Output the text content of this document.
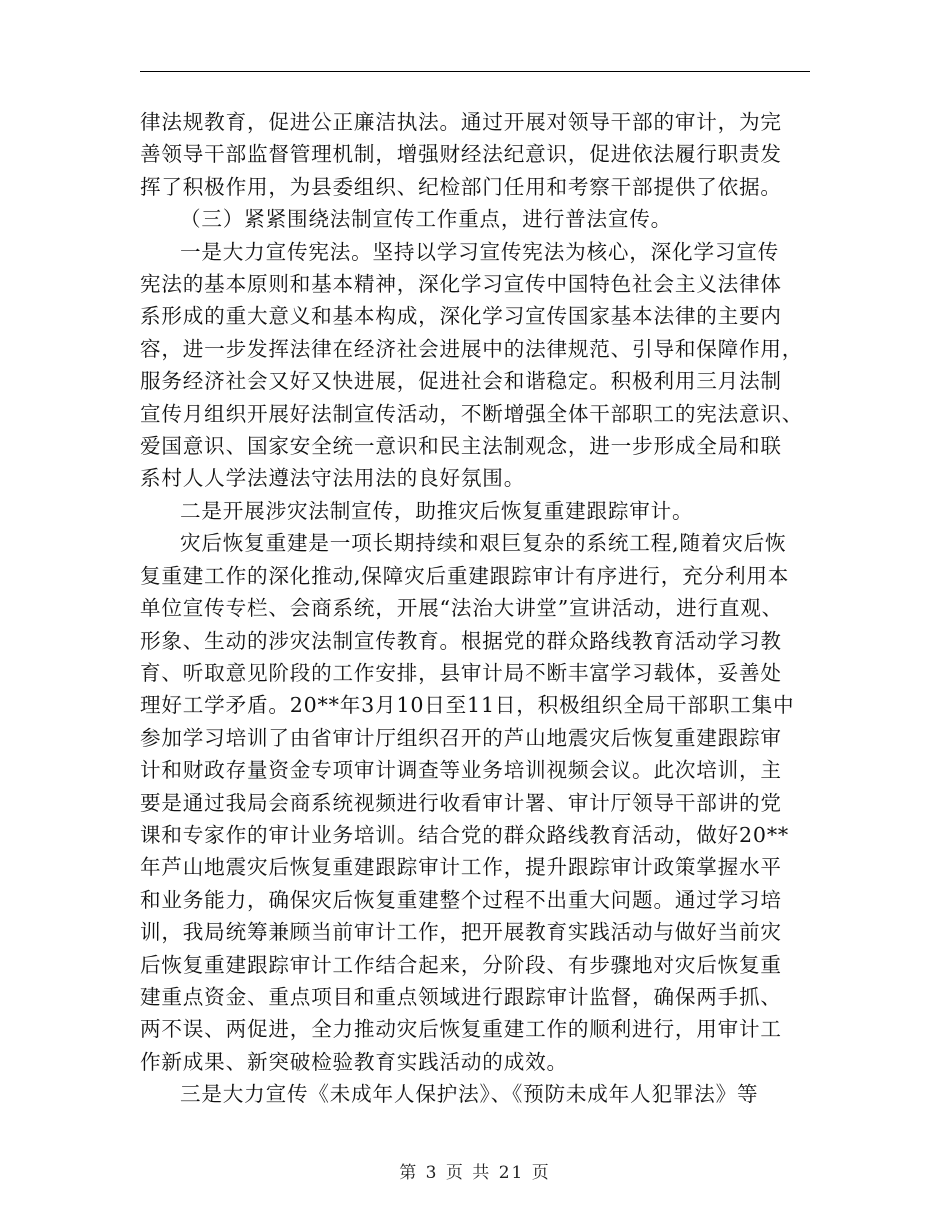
律法规教育，促进公正廉洁执法。通过开展对领导干部的审计，为完
善领导干部监督管理机制，增强财经法纪意识，促进依法履行职责发
挥了积极作用，为县委组织、纪检部门任用和考察干部提供了依据。
（三）紧紧围绕法制宣传工作重点，进行普法宣传。
一是大力宣传宪法。坚持以学习宣传宪法为核心，深化学习宣传
宪法的基本原则和基本精神，深化学习宣传中国特色社会主义法律体
系形成的重大意义和基本构成，深化学习宣传国家基本法律的主要内
容，进一步发挥法律在经济社会进展中的法律规范、引导和保障作用，
服务经济社会又好又快进展，促进社会和谐稳定。积极利用三月法制
宣传月组织开展好法制宣传活动，不断增强全体干部职工的宪法意识、
爱国意识、国家安全统一意识和民主法制观念，进一步形成全局和联
系村人人学法遵法守法用法的良好氛围。
二是开展涉灾法制宣传，助推灾后恢复重建跟踪审计。
灾后恢复重建是一项长期持续和艰巨复杂的系统工程,随着灾后恢
复重建工作的深化推动,保障灾后重建跟踪审计有序进行，充分利用本
单位宣传专栏、会商系统，开展“法治大讲堂”宣讲活动，进行直观、
形象、生动的涉灾法制宣传教育。根据党的群众路线教育活动学习教
育、听取意见阶段的工作安排，县审计局不断丰富学习载体，妥善处
理好工学矛盾。20**年3月10日至11日，积极组织全局干部职工集中
参加学习培训了由省审计厅组织召开的芦山地震灾后恢复重建跟踪审
计和财政存量资金专项审计调查等业务培训视频会议。此次培训，主
要是通过我局会商系统视频进行收看审计署、审计厅领导干部讲的党
课和专家作的审计业务培训。结合党的群众路线教育活动，做好20**
年芦山地震灾后恢复重建跟踪审计工作，提升跟踪审计政策掌握水平
和业务能力，确保灾后恢复重建整个过程不出重大问题。通过学习培
训，我局统筹兼顾当前审计工作，把开展教育实践活动与做好当前灾
后恢复重建跟踪审计工作结合起来，分阶段、有步骤地对灾后恢复重
建重点资金、重点项目和重点领域进行跟踪审计监督，确保两手抓、
两不误、两促进，全力推动灾后恢复重建工作的顺利进行，用审计工
作新成果、新突破检验教育实践活动的成效。
三是大力宣传《未成年人保护法》、《预防未成年人犯罪法》等
第 3 页 共 21 页
